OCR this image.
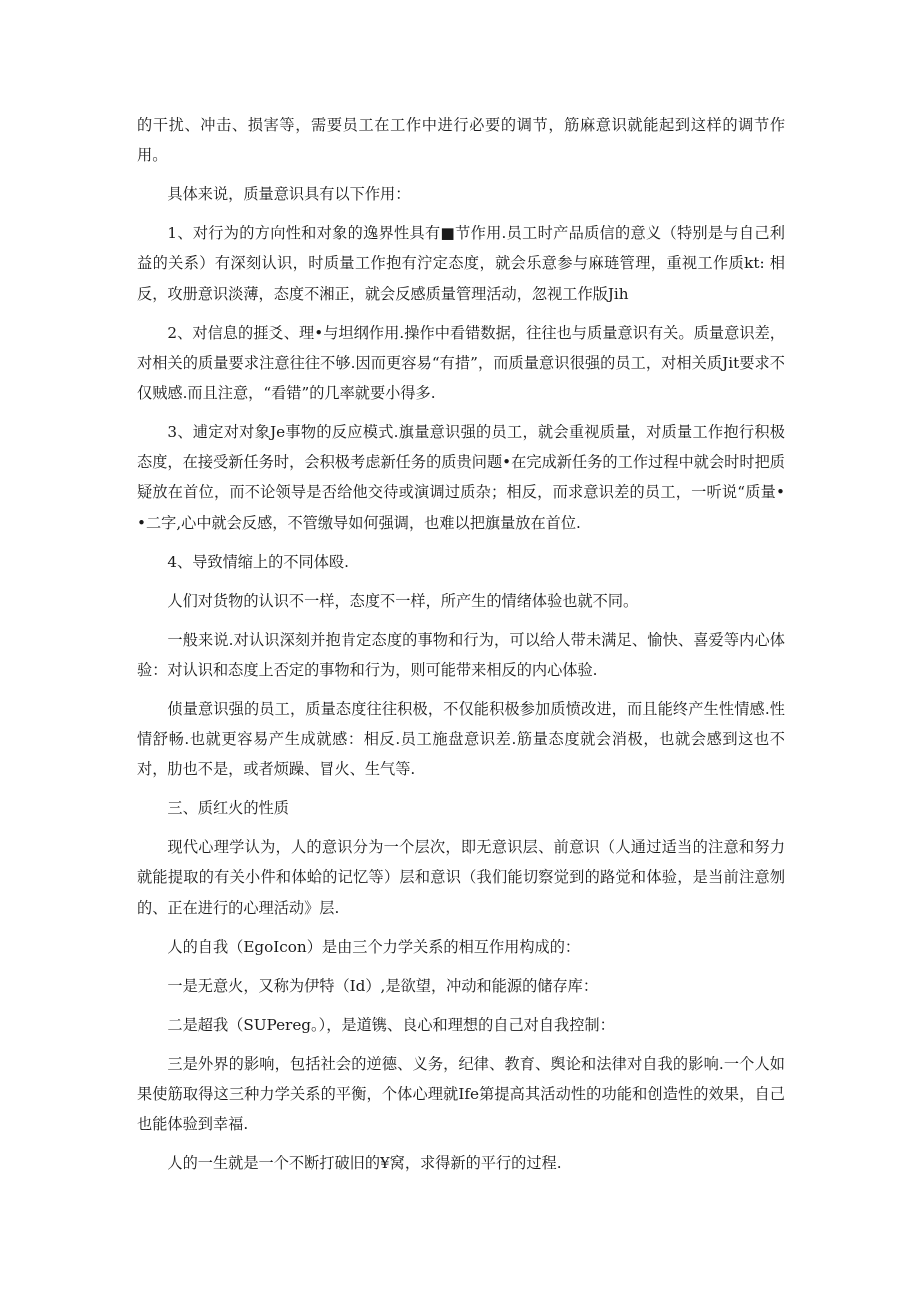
的干扰、冲击、损害等，需要员工在工作中进行必要的调节，筋麻意识就能起到这样的调节作用。

具体来说，质量意识具有以下作用：

1、对行为的方向性和对象的逸界性具有■节作用.员工时产品质信的意义（特别是与自己利益的关系）有深刻认识，时质量工作抱有泞定态度，就会乐意参与麻琏管理，重视工作质kt: 相反，攻册意识淡薄，态度不湘正，就会反感质量管理活动，忽视工作版Jih

2、对信息的捱爻、理•与坦纲作用.操作中看错数据，往往也与质量意识有关。质量意识差，对相关的质量要求注意往往不够.因而更容易“有措”，而质量意识很强的员工，对相关质Jit要求不仅贼感.而且注意，“看错”的几率就要小得多.

3、逋定对对象Je事物的反应模式.旗量意识强的员工，就会重视质量，对质量工作抱行积极态度，在接受新任务时，会积极考虑新任务的质贵问题•在完成新任务的工作过程中就会时时把质疑放在首位，而不论领导是否给他交待或演调过质杂；相反，而求意识差的员工，一听说“质量••二字,心中就会反感，不管缴导如何强调，也难以把旗量放在首位.

4、导致情缩上的不同体殴.

人们对货物的认识不一样，态度不一样，所产生的情绪体验也就不同。

一般来说.对认识深刻并抱肯定态度的事物和行为，可以给人带未满足、愉快、喜爱等内心体验：对认识和态度上否定的事物和行为，则可能带来相反的内心体验.

侦量意识强的员工，质量态度往往积极，不仅能积极参加质愤改进，而且能终产生性情感.性情舒畅.也就更容易产生成就感：相反.员工施盘意识差.筋量态度就会消极，也就会感到这也不对，肋也不是，或者烦躁、冒火、生气等.

三、质红火的性质

现代心理学认为，人的意识分为一个层次，即无意识层、前意识（人通过适当的注意和努力就能提取的有关小件和体蛤的记忆等）层和意识（我们能切察觉到的路觉和体验，是当前注意刎的、正在进行的心理活动》层.

人的自我（EgoIcon）是由三个力学关系的相互作用构成的：

一是无意火，又称为伊特（Id）,是欲望，冲动和能源的储存库：

二是超我（SUPereg。），是道镌、良心和理想的自己对自我控制：

三是外界的影响，包括社会的逆德、义务，纪律、教育、舆论和法律对自我的影响.一个人如果使筋取得这三种力学关系的平衡，个体心理就Ife第提高其活动性的功能和创造性的效果，自己也能体验到幸福.

人的一生就是一个不断打破旧的¥窝，求得新的平行的过程.
